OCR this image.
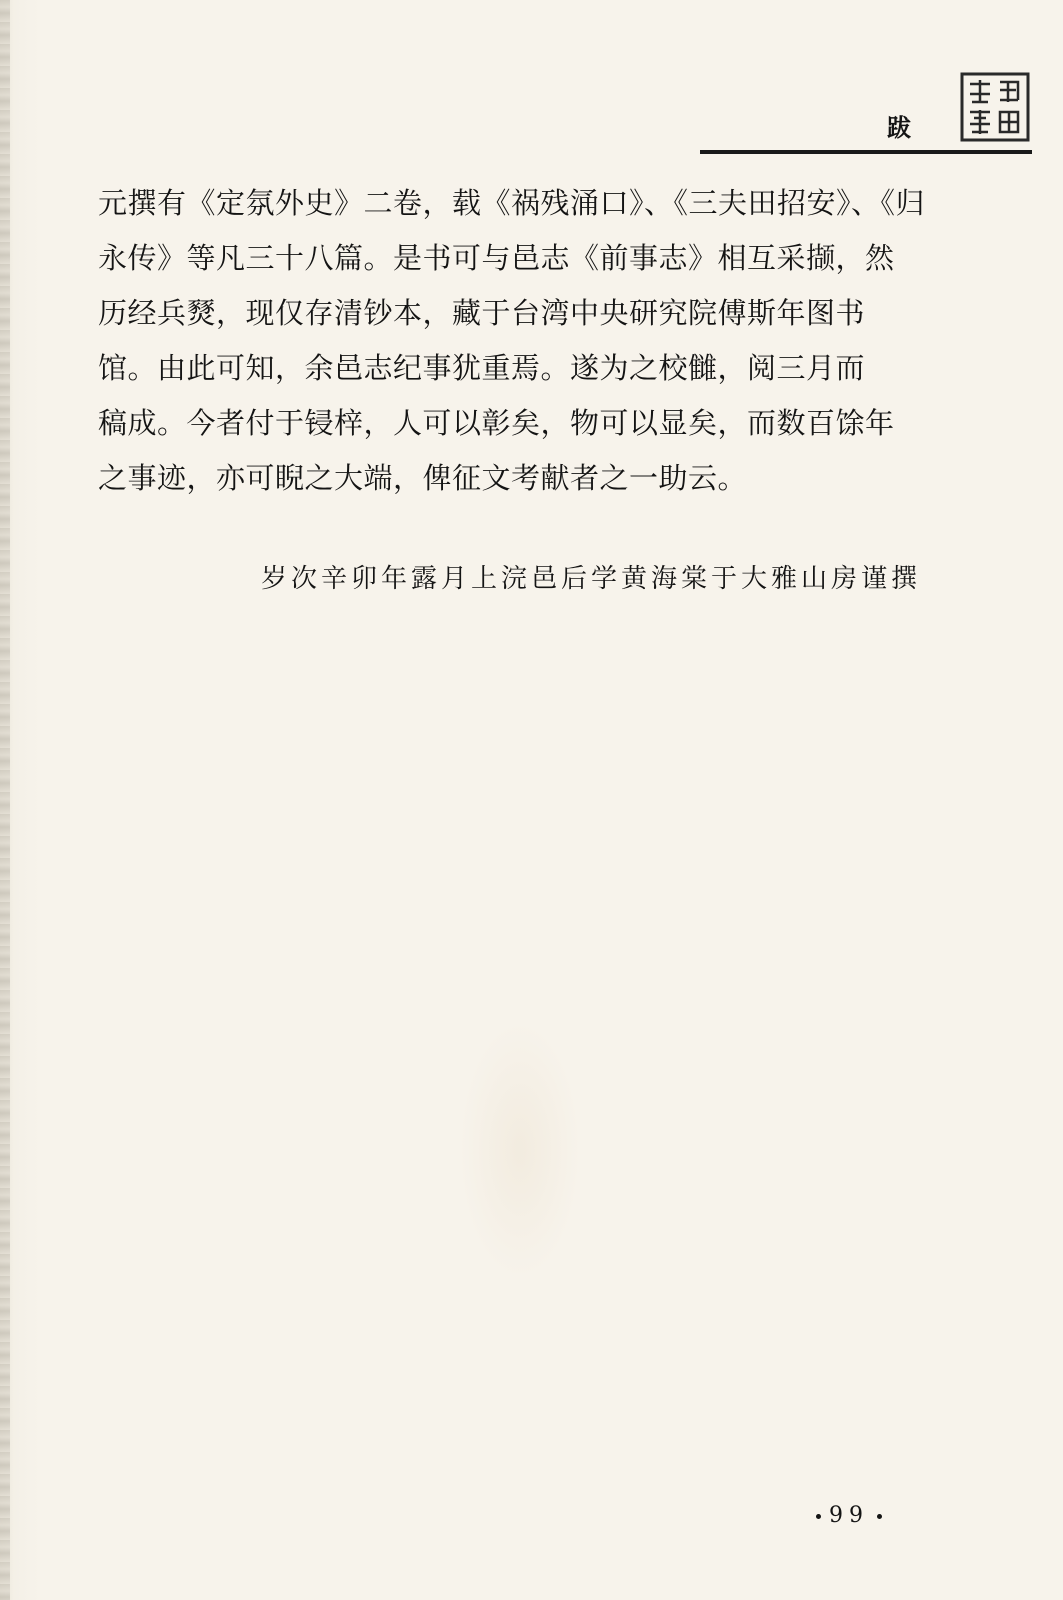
跋
元撰有《定氛外史》二卷，载《祸残涌口》、《三夫田招安》、《归
永传》等凡三十八篇。是书可与邑志《前事志》相互采撷，然
历经兵燹，现仅存清钞本，藏于台湾中央研究院傅斯年图书
馆。由此可知，余邑志纪事犹重焉。遂为之校雠，阅三月而
稿成。今者付于锓梓，人可以彰矣，物可以显矣，而数百馀年
之事迹，亦可睨之大端，俾征文考献者之一助云。
岁次辛卯年露月上浣邑后学黄海棠于大雅山房谨撰
99
